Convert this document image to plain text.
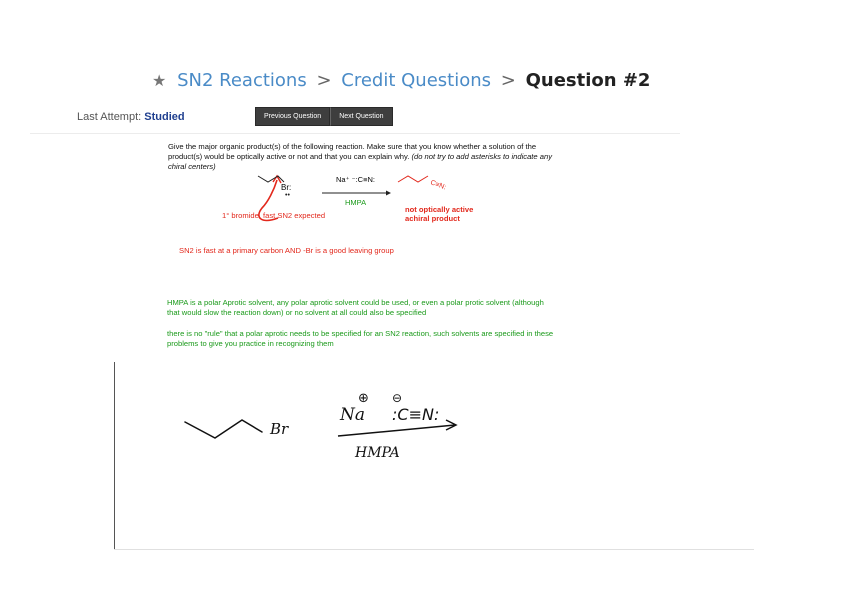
★ SN2 Reactions > Credit Questions > Question #2
Last Attempt: Studied	Previous Question	Next Question
Give the major organic product(s) of the following reaction. Make sure that you know whether a solution of the product(s) would be optically active or not and that you can explain why. (do not try to add asterisks to indicate any chiral centers)
Br:
••
Na⁺ ⁻:C≡N:
HMPA
C≡N:
1° bromide, fast SN2 expected
not optically active
achiral product
SN2 is fast at a primary carbon AND -Br is a good leaving group
HMPA is a polar Aprotic solvent, any polar aprotic solvent could be used, or even a polar protic solvent (although that would slow the reaction down) or no solvent at all could also be specified
there is no "rule" that a polar aprotic needs to be specified for an SN2 reaction, such solvents are specified in these problems to give you practice in recognizing them
Br
Na
⊕ ⊖
:C≡N:
HMPA
